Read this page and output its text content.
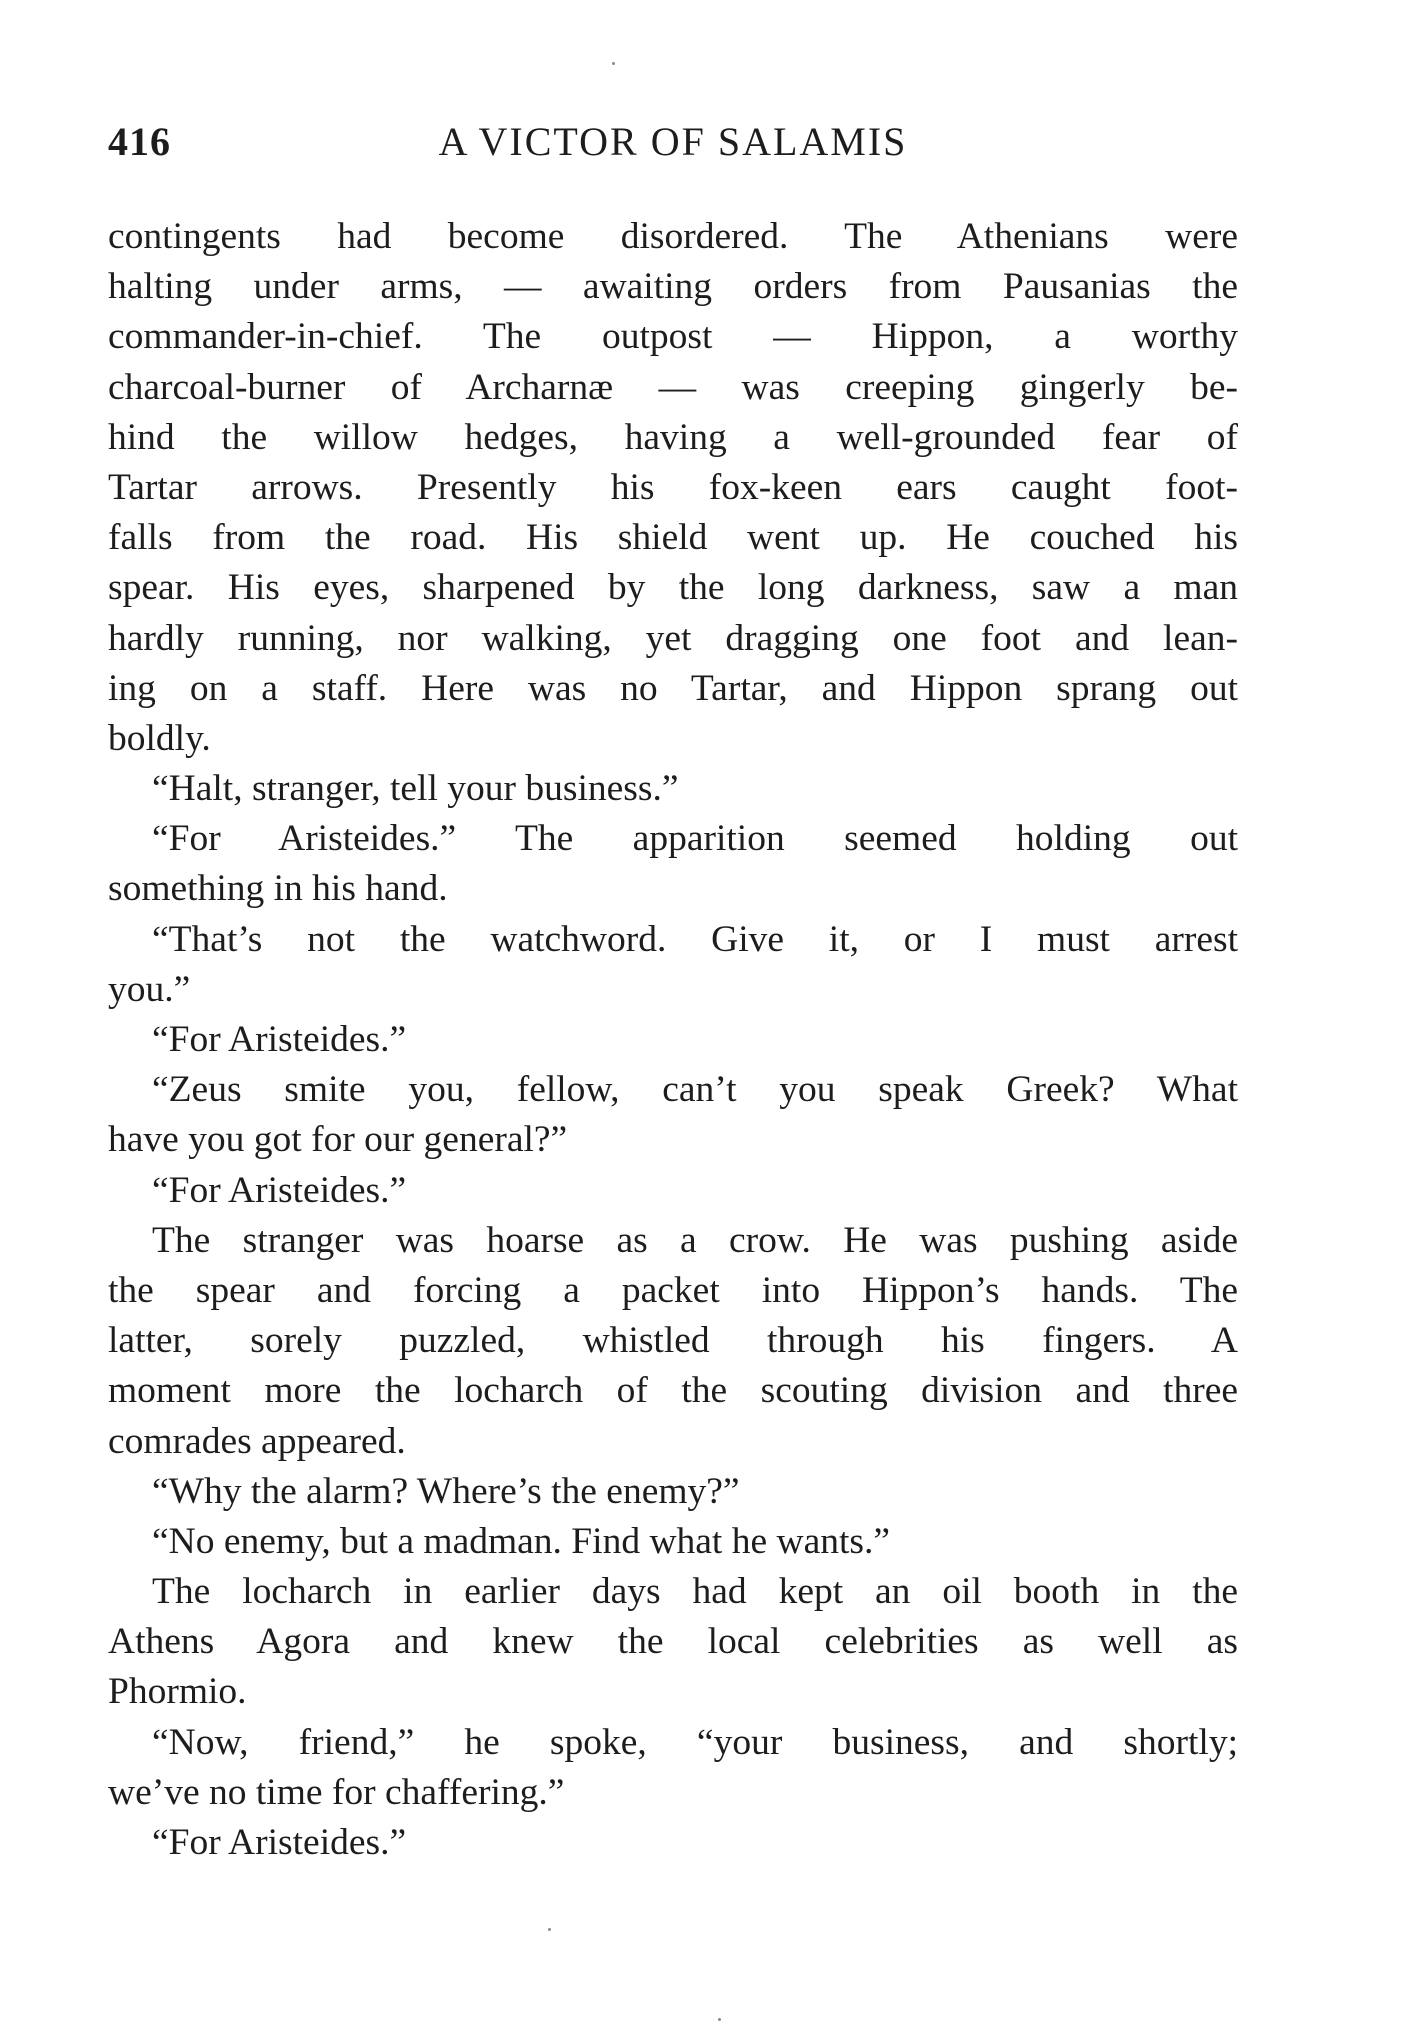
416	A VICTOR OF SALAMIS
contingents had become disordered. The Athenians were
halting under arms, — awaiting orders from Pausanias the
commander-in-chief. The outpost — Hippon, a worthy
charcoal-burner of Archarnæ — was creeping gingerly be-
hind the willow hedges, having a well-grounded fear of
Tartar arrows. Presently his fox-keen ears caught foot-
falls from the road. His shield went up. He couched his
spear. His eyes, sharpened by the long darkness, saw a man
hardly running, nor walking, yet dragging one foot and lean-
ing on a staff. Here was no Tartar, and Hippon sprang out
boldly.
“Halt, stranger, tell your business.”
“For Aristeides.” The apparition seemed holding out
something in his hand.
“That’s not the watchword. Give it, or I must arrest
you.”
“For Aristeides.”
“Zeus smite you, fellow, can’t you speak Greek? What
have you got for our general?”
“For Aristeides.”
The stranger was hoarse as a crow. He was pushing aside
the spear and forcing a packet into Hippon’s hands. The
latter, sorely puzzled, whistled through his fingers. A
moment more the locharch of the scouting division and three
comrades appeared.
“Why the alarm? Where’s the enemy?”
“No enemy, but a madman. Find what he wants.”
The locharch in earlier days had kept an oil booth in the
Athens Agora and knew the local celebrities as well as
Phormio.
“Now, friend,” he spoke, “your business, and shortly;
we’ve no time for chaffering.”
“For Aristeides.”
